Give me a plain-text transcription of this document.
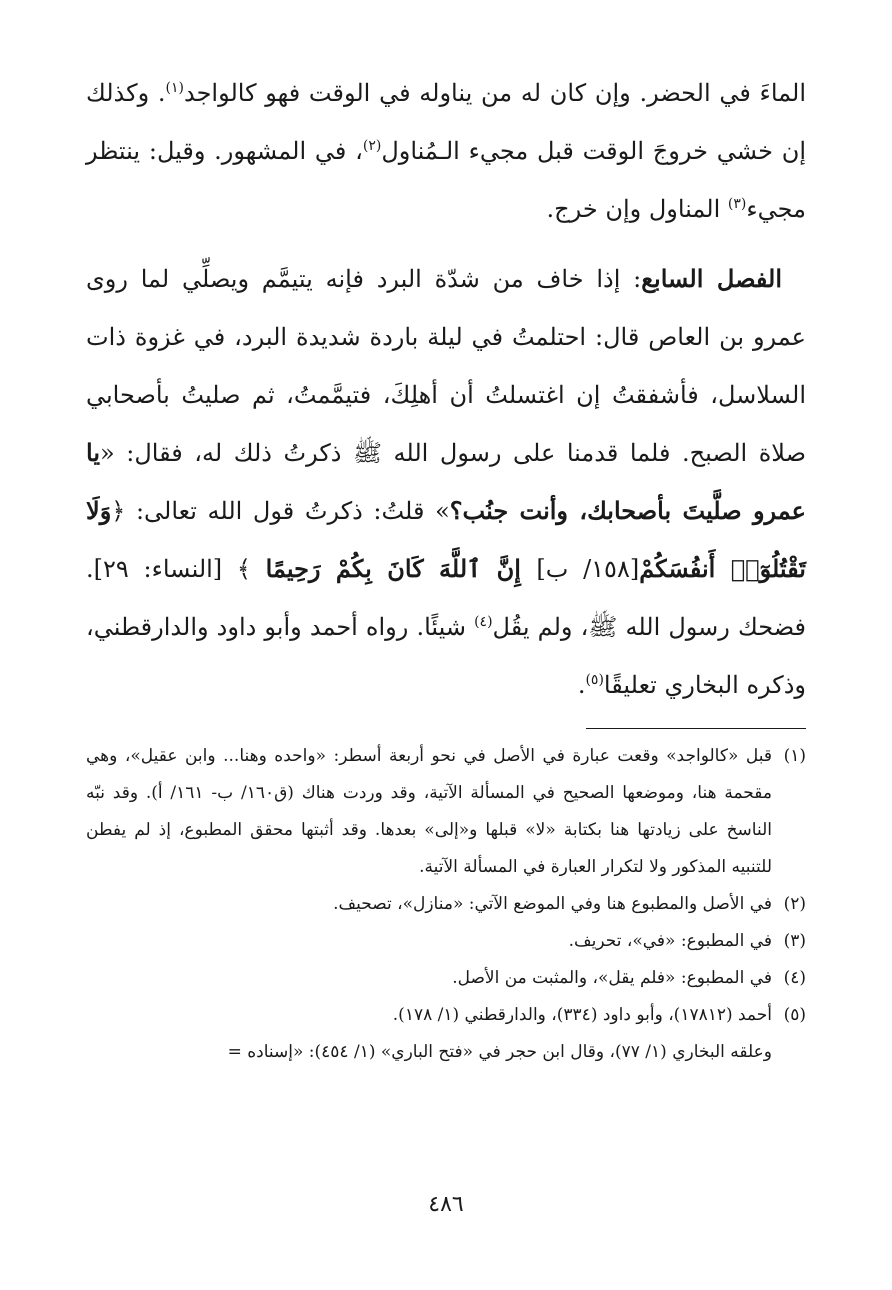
الماءَ في الحضر. وإن كان له من يناوله في الوقت فهو كالواجد$^{(١)}$. وكذلك إن خشي خروجَ الوقت قبل مجيء الـمُناول$^{(٢)}$، في المشهور. وقيل: ينتظر مجيء$^{(٣)}$ المناول وإن خرج.

الفصل السابع: إذا خاف من شدّة البرد فإنه يتيمَّم ويصلِّي لما روى عمرو بن العاص قال: احتلمتُ في ليلة باردة شديدة البرد، في غزوة ذات السلاسل، فأشفقتُ إن اغتسلتُ أن أهلِكَ، فتيمَّمتُ، ثم صليتُ بأصحابي صلاة الصبح. فلما قدمنا على رسول الله ﷺ ذكرتُ ذلك له، فقال: «يا عمرو صلَّيتَ بأصحابك، وأنت جنُب؟» قلتُ: ذكرتُ قول الله تعالى: ﴿وَلَا تَقْتُلُوٓا۟ أَنفُسَكُمْ[١٥٨/ ب] إِنَّ ٱللَّهَ كَانَ بِكُمْ رَحِيمًا ﴾ [النساء: ٢٩]. فضحك رسول الله ﷺ، ولم يقُل$^{(٤)}$ شيئًا. رواه أحمد وأبو داود والدارقطني، وذكره البخاري تعليقًا$^{(٥)}$.

(١)
قبل «كالواجد» وقعت عبارة في الأصل في نحو أربعة أسطر: «واحده وهنا... وابن عقيل»، وهي مقحمة هنا، وموضعها الصحيح في المسألة الآتية، وقد وردت هناك (ق١٦٠/ ب- ١٦١/ أ). وقد نبّه الناسخ على زيادتها هنا بكتابة «لا» قبلها و«إلى» بعدها. وقد أثبتها محقق المطبوع، إذ لم يفطن للتنبيه المذكور ولا لتكرار العبارة في المسألة الآتية.
(٢)
في الأصل والمطبوع هنا وفي الموضع الآتي: «منازل»، تصحيف.
(٣)
في المطبوع: «في»، تحريف.
(٤)
في المطبوع: «فلم يقل»، والمثبت من الأصل.
(٥)
أحمد (١٧٨١٢)، وأبو داود (٣٣٤)، والدارقطني (١/ ١٧٨).
وعلقه البخاري (١/ ٧٧)، وقال ابن حجر في «فتح الباري» (١/ ٤٥٤): «إسناده =
٤٨٦
